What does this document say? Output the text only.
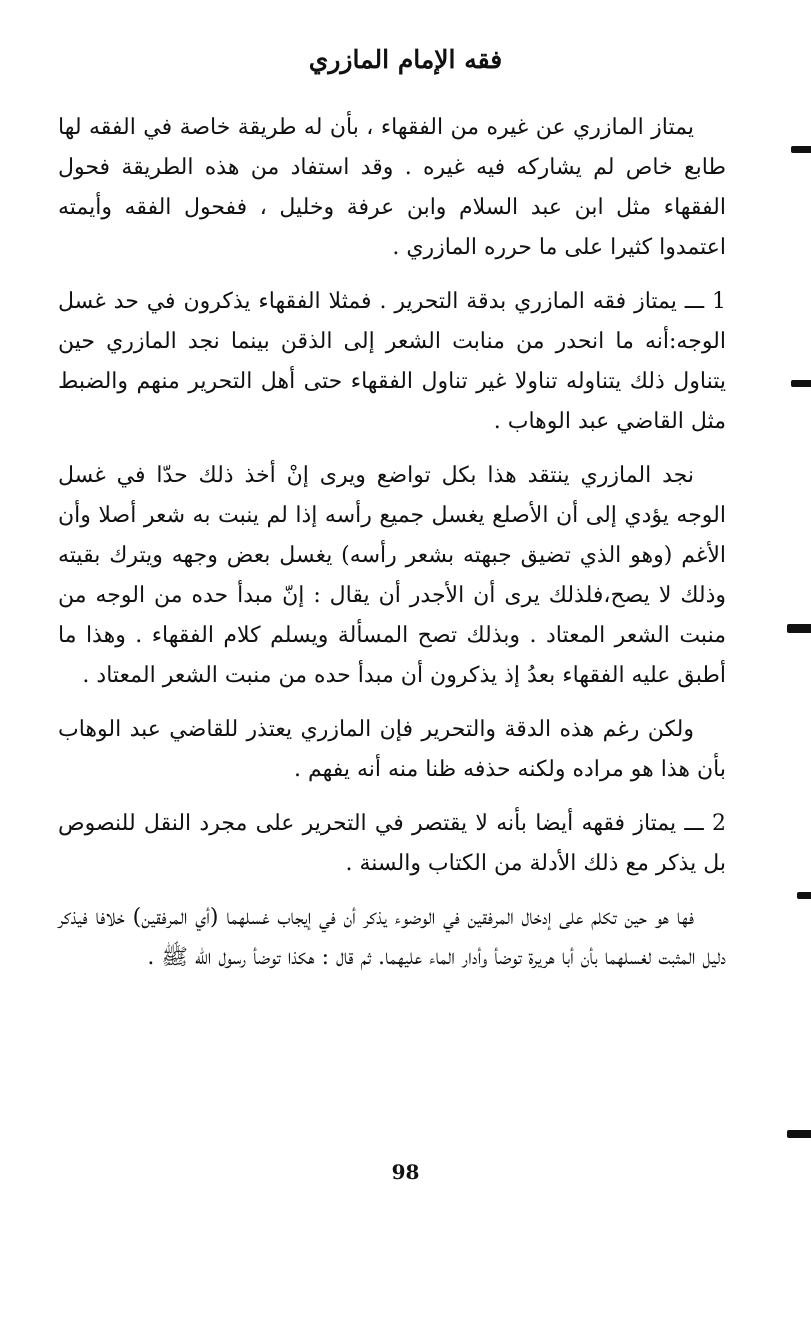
فقه الإمام المازري

يمتاز المازري عن غيره من الفقهاء ، بأن له طريقة خاصة في الفقه لها طابع خاص لم يشاركه فيه غيره . وقد استفاد من هذه الطريقة فحول الفقهاء مثل ابن عبد السلام وابن عرفة وخليل ، ففحول الفقه وأيمته اعتمدوا كثيرا على ما حرره المازري .

1 ـــ يمتاز فقه المازري بدقة التحرير . فمثلا الفقهاء يذكرون في حد غسل الوجه:أنه ما انحدر من منابت الشعر إلى الذقن بينما نجد المازري حين يتناول ذلك يتناوله تناولا غير تناول الفقهاء حتى أهل التحرير منهم والضبط مثل القاضي عبد الوهاب .

نجد المازري ينتقد هذا بكل تواضع ويرى إنْ أخذ ذلك حدّا في غسل الوجه يؤدي إلى أن الأصلع يغسل جميع رأسه إذا لم ينبت به شعر أصلا وأن الأغم (وهو الذي تضيق جبهته بشعر رأسه) يغسل بعض وجهه ويترك بقيته وذلك لا يصح،فلذلك يرى أن الأجدر أن يقال : إنّ مبدأ حده من الوجه من منبت الشعر المعتاد . وبذلك تصح المسألة ويسلم كلام الفقهاء . وهذا ما أطبق عليه الفقهاء بعدُ إذ يذكرون أن مبدأ حده من منبت الشعر المعتاد .

ولكن رغم هذه الدقة والتحرير فإن المازري يعتذر للقاضي عبد الوهاب بأن هذا هو مراده ولكنه حذفه ظنا منه أنه يفهم .

2 ـــ يمتاز فقهه أيضا بأنه لا يقتصر في التحرير على مجرد النقل للنصوص بل يذكر مع ذلك الأدلة من الكتاب والسنة .

فها هو حين تكلم على إدخال المرفقين في الوضوء يذكر أن في إيجاب غسلهما (أي المرفقين) خلافا فيذكر دليل المثبت لغسلهما بأن أبا هريرة توضأ وأدار الماء عليهما. ثم قال : هكذا توضأ رسول الله ﷺ .

98
